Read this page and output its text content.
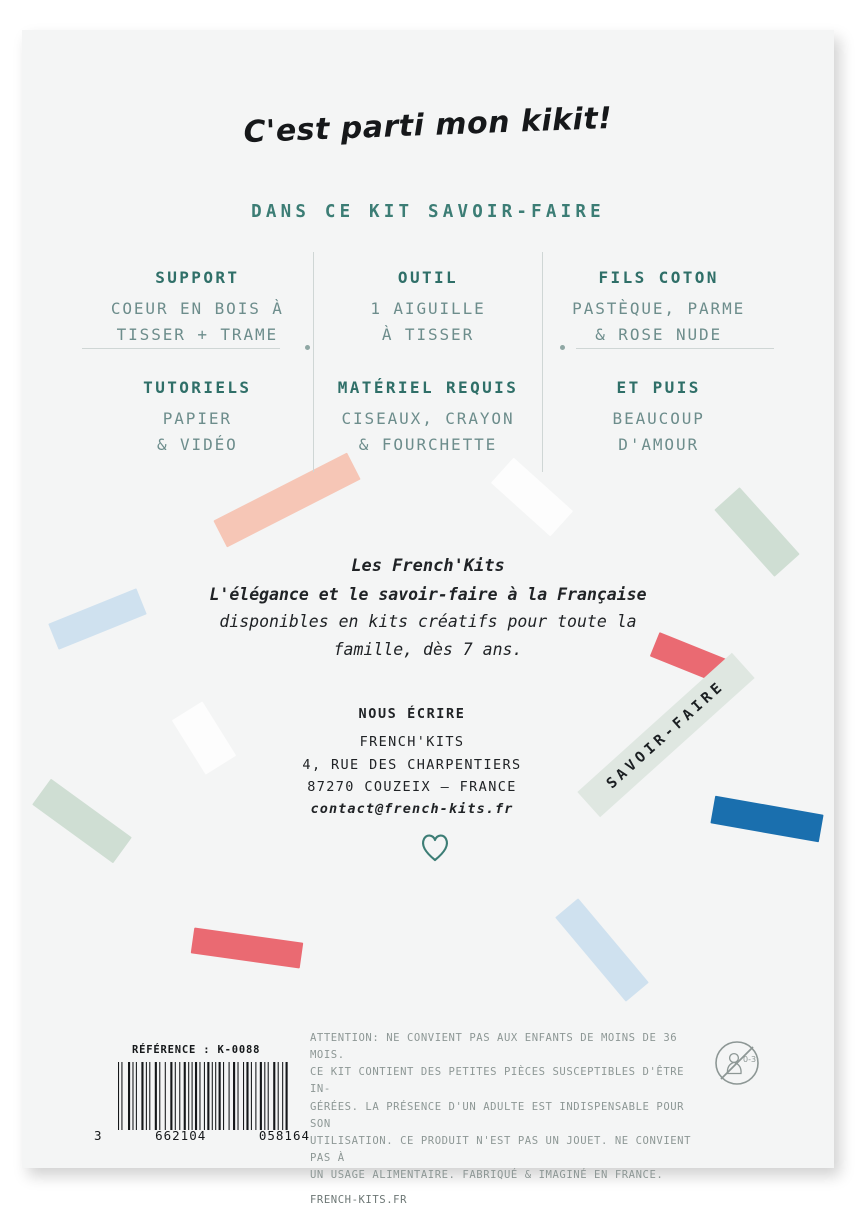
C'est parti mon kikit!
DANS CE KIT SAVOIR-FAIRE
SUPPORT
COEUR EN BOIS À
TISSER + TRAME
OUTIL
1 AIGUILLE
À TISSER
FILS COTON
PASTÈQUE, PARME
& ROSE NUDE
TUTORIELS
PAPIER
& VIDÉO
MATÉRIEL REQUIS
CISEAUX, CRAYON
& FOURCHETTE
ET PUIS
BEAUCOUP
D'AMOUR
Les French'Kits
L'élégance et le savoir-faire à la Française
disponibles en kits créatifs pour toute la
famille, dès 7 ans.
NOUS ÉCRIRE
FRENCH'KITS
4, RUE DES CHARPENTIERS
87270 COUZEIX — FRANCE
contact@french-kits.fr
SAVOIR-FAIRE
RÉFÉRENCE : K-0088
3	662104	058164
ATTENTION: NE CONVIENT PAS AUX ENFANTS DE MOINS DE 36 MOIS.
CE KIT CONTIENT DES PETITES PIÈCES SUSCEPTIBLES D'ÊTRE IN-
GÉRÉES. LA PRÉSENCE D'UN ADULTE EST INDISPENSABLE POUR SON
UTILISATION. CE PRODUIT N'EST PAS UN JOUET. NE CONVIENT PAS À
UN USAGE ALIMENTAIRE. FABRIQUÉ & IMAGINÉ EN FRANCE.
FRENCH-KITS.FR
0-3
